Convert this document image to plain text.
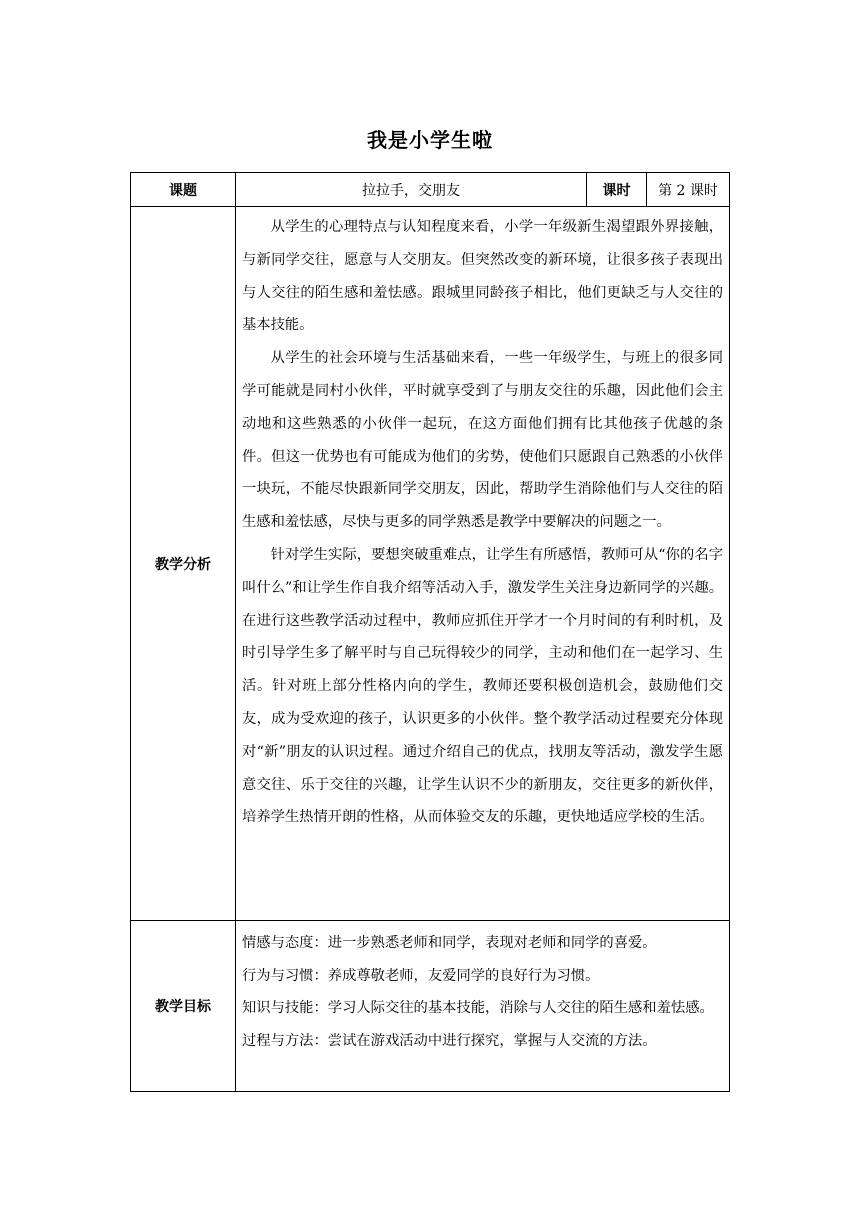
我是小学生啦
课题	拉拉手，交朋友	课时	第 2 课时
教学分析	从学生的心理特点与认知程度来看，小学一年级新生渴望跟外界接触，与新同学交往，愿意与人交朋友。但突然改变的新环境，让很多孩子表现出与人交往的陌生感和羞怯感。跟城里同龄孩子相比，他们更缺乏与人交往的基本技能。

从学生的社会环境与生活基础来看，一些一年级学生，与班上的很多同学可能就是同村小伙伴，平时就享受到了与朋友交往的乐趣，因此他们会主动地和这些熟悉的小伙伴一起玩，在这方面他们拥有比其他孩子优越的条件。但这一优势也有可能成为他们的劣势，使他们只愿跟自己熟悉的小伙伴一块玩，不能尽快跟新同学交朋友，因此，帮助学生消除他们与人交往的陌生感和羞怯感，尽快与更多的同学熟悉是教学中要解决的问题之一。

针对学生实际，要想突破重难点，让学生有所感悟，教师可从“你的名字叫什么”和让学生作自我介绍等活动入手，激发学生关注身边新同学的兴趣。在进行这些教学活动过程中，教师应抓住开学才一个月时间的有利时机，及时引导学生多了解平时与自己玩得较少的同学，主动和他们在一起学习、生活。针对班上部分性格内向的学生，教师还要积极创造机会，鼓励他们交友，成为受欢迎的孩子，认识更多的小伙伴。整个教学活动过程要充分体现对“新”朋友的认识过程。通过介绍自己的优点，找朋友等活动，激发学生愿意交往、乐于交往的兴趣，让学生认识不少的新朋友，交往更多的新伙伴，培养学生热情开朗的性格，从而体验交友的乐趣，更快地适应学校的生活。		

教学目标	情感与态度：进一步熟悉老师和同学，表现对老师和同学的喜爱。

行为与习惯：养成尊敬老师，友爱同学的良好行为习惯。

知识与技能：学习人际交往的基本技能，消除与人交往的陌生感和羞怯感。

过程与方法：尝试在游戏活动中进行探究，掌握与人交流的方法。		
